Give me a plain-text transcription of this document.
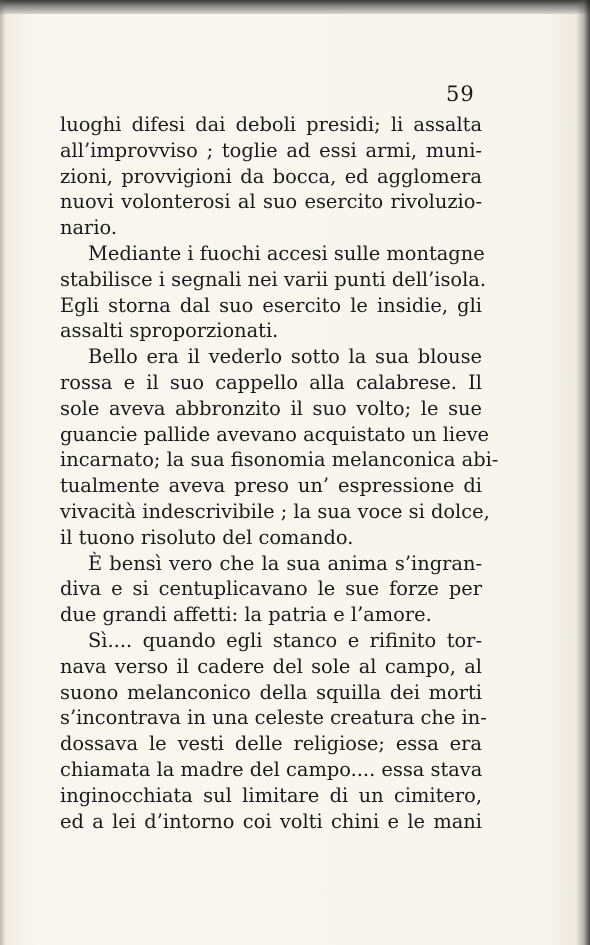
59
luoghi difesi dai deboli presidi; li assalta
all’improvviso ; toglie ad essi armi, muni-
zioni, provvigioni da bocca, ed agglomera
nuovi volonterosi al suo esercito rivoluzio-
nario.
Mediante i fuochi accesi sulle montagne
stabilisce i segnali nei varii punti dell’isola.
Egli storna dal suo esercito le insidie, gli
assalti sproporzionati.
Bello era il vederlo sotto la sua blouse
rossa e il suo cappello alla calabrese. Il
sole aveva abbronzito il suo volto; le sue
guancie pallide avevano acquistato un lieve
incarnato; la sua fisonomia melanconica abi-
tualmente aveva preso un’ espressione di
vivacità indescrivibile ; la sua voce si dolce,
il tuono risoluto del comando.
È bensì vero che la sua anima s’ingran-
diva e si centuplicavano le sue forze per
due grandi affetti: la patria e l’amore.
Sì.... quando egli stanco e rifinito tor-
nava verso il cadere del sole al campo, al
suono melanconico della squilla dei morti
s’incontrava in una celeste creatura che in-
dossava le vesti delle religiose; essa era
chiamata la madre del campo.... essa stava
inginocchiata sul limitare di un cimitero,
ed a lei d’intorno coi volti chini e le mani
